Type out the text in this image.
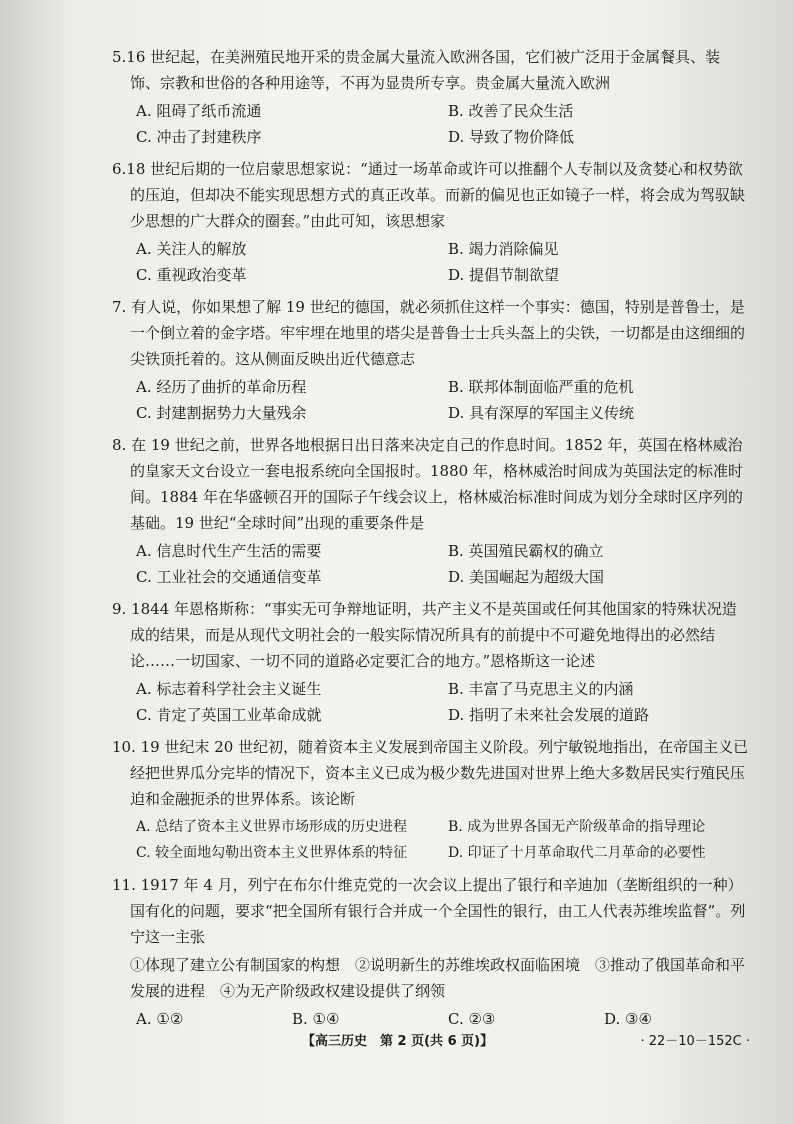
5.16 世纪起，在美洲殖民地开采的贵金属大量流入欧洲各国，它们被广泛用于金属餐具、装饰、宗教和世俗的各种用途等，不再为显贵所专享。贵金属大量流入欧洲

A. 阻碍了纸币流通	B. 改善了民众生活
C. 冲击了封建秩序	D. 导致了物价降低

6.18 世纪后期的一位启蒙思想家说：“通过一场革命或许可以推翻个人专制以及贪婪心和权势欲的压迫，但却决不能实现思想方式的真正改革。而新的偏见也正如镜子一样，将会成为驾驭缺少思想的广大群众的圈套。”由此可知，该思想家

A. 关注人的解放	B. 竭力消除偏见
C. 重视政治变革	D. 提倡节制欲望

7. 有人说，你如果想了解 19 世纪的德国，就必须抓住这样一个事实：德国，特别是普鲁士，是一个倒立着的金字塔。牢牢埋在地里的塔尖是普鲁士士兵头盔上的尖铁，一切都是由这细细的尖铁顶托着的。这从侧面反映出近代德意志

A. 经历了曲折的革命历程	B. 联邦体制面临严重的危机
C. 封建割据势力大量残余	D. 具有深厚的军国主义传统

8. 在 19 世纪之前，世界各地根据日出日落来决定自己的作息时间。1852 年，英国在格林威治的皇家天文台设立一套电报系统向全国报时。1880 年，格林威治时间成为英国法定的标准时间。1884 年在华盛顿召开的国际子午线会议上，格林威治标准时间成为划分全球时区序列的基础。19 世纪“全球时间”出现的重要条件是

A. 信息时代生产生活的需要	B. 英国殖民霸权的确立
C. 工业社会的交通通信变革	D. 美国崛起为超级大国

9. 1844 年恩格斯称：“事实无可争辩地证明，共产主义不是英国或任何其他国家的特殊状况造成的结果，而是从现代文明社会的一般实际情况所具有的前提中不可避免地得出的必然结论……一切国家、一切不同的道路必定要汇合的地方。”恩格斯这一论述

A. 标志着科学社会主义诞生	B. 丰富了马克思主义的内涵
C. 肯定了英国工业革命成就	D. 指明了未来社会发展的道路

10. 19 世纪末 20 世纪初，随着资本主义发展到帝国主义阶段。列宁敏锐地指出，在帝国主义已经把世界瓜分完毕的情况下，资本主义已成为极少数先进国对世界上绝大多数居民实行殖民压迫和金融扼杀的世界体系。该论断

A. 总结了资本主义世界市场形成的历史进程	B. 成为世界各国无产阶级革命的指导理论
C. 较全面地勾勒出资本主义世界体系的特征	D. 印证了十月革命取代二月革命的必要性

11. 1917 年 4 月，列宁在布尔什维克党的一次会议上提出了银行和辛迪加（垄断组织的一种）国有化的问题，要求“把全国所有银行合并成一个全国性的银行，由工人代表苏维埃监督”。列宁这一主张

①体现了建立公有制国家的构想　②说明新生的苏维埃政权面临困境　③推动了俄国革命和平发展的进程　④为无产阶级政权建设提供了纲领

A. ①②	B. ①④	C. ②③	D. ③④
【高三历史　第 2 页(共 6 页)】	· 22－10－152C ·
